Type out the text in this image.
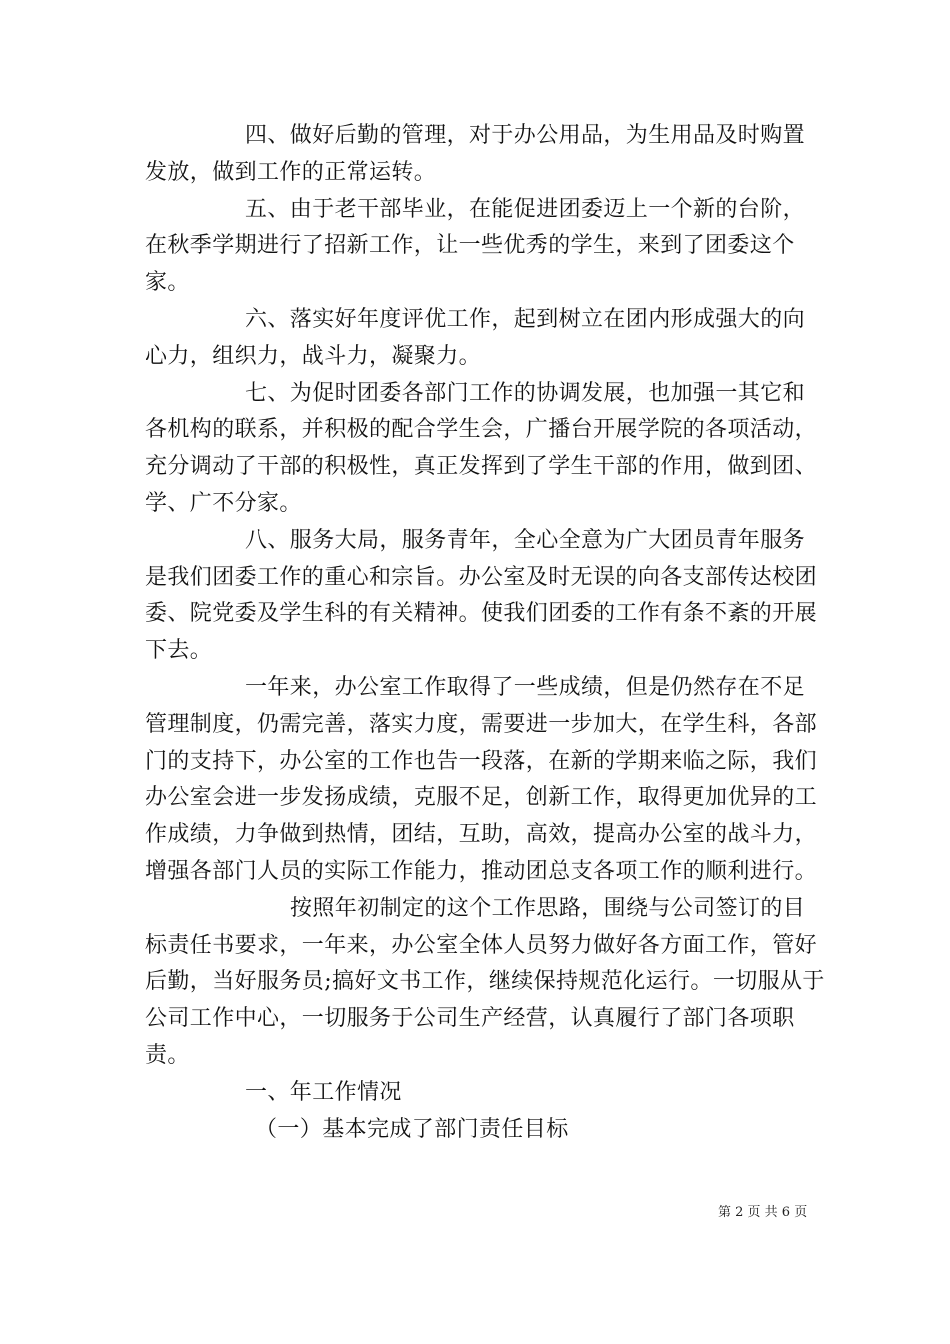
四、做好后勤的管理，对于办公用品，为生用品及时购置发放，做到工作的正常运转。

五、由于老干部毕业，在能促进团委迈上一个新的台阶，在秋季学期进行了招新工作，让一些优秀的学生，来到了团委这个家。

六、落实好年度评优工作，起到树立在团内形成强大的向心力，组织力，战斗力，凝聚力。

七、为促时团委各部门工作的协调发展，也加强一其它和各机构的联系，并积极的配合学生会，广播台开展学院的各项活动，充分调动了干部的积极性，真正发挥到了学生干部的作用，做到团、学、广不分家。

八、服务大局，服务青年，全心全意为广大团员青年服务是我们团委工作的重心和宗旨。办公室及时无误的向各支部传达校团委、院党委及学生科的有关精神。使我们团委的工作有条不紊的开展下去。

一年来，办公室工作取得了一些成绩，但是仍然存在不足管理制度，仍需完善，落实力度，需要进一步加大，在学生科，各部门的支持下，办公室的工作也告一段落，在新的学期来临之际，我们办公室会进一步发扬成绩，克服不足，创新工作，取得更加优异的工作成绩，力争做到热情，团结，互助，高效，提高办公室的战斗力，增强各部门人员的实际工作能力，推动团总支各项工作的顺利进行。

按照年初制定的这个工作思路，围绕与公司签订的目标责任书要求，一年来，办公室全体人员努力做好各方面工作，管好后勤，当好服务员;搞好文书工作，继续保持规范化运行。一切服从于公司工作中心，一切服务于公司生产经营，认真履行了部门各项职责。

一、年工作情况

（一）基本完成了部门责任目标

第 2 页 共 6 页
